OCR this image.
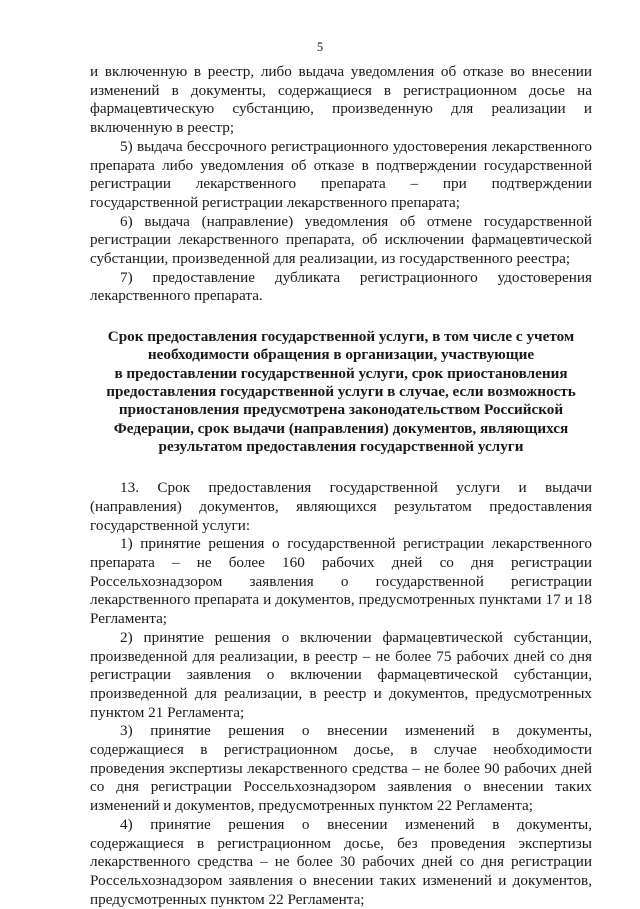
5

и включенную в реестр, либо выдача уведомления об отказе во внесении изменений в документы, содержащиеся в регистрационном досье на фармацевтическую субстанцию, произведенную для реализации и включенную в реестр;

5) выдача бессрочного регистрационного удостоверения лекарственного препарата либо уведомления об отказе в подтверждении государственной регистрации лекарственного препарата – при подтверждении государственной регистрации лекарственного препарата;

6) выдача (направление) уведомления об отмене государственной регистрации лекарственного препарата, об исключении фармацевтической субстанции, произведенной для реализации, из государственного реестра;

7) предоставление дубликата регистрационного удостоверения лекарственного препарата.

Срок предоставления государственной услуги, в том числе с учетом
необходимости обращения в организации, участвующие
в предоставлении государственной услуги, срок приостановления
предоставления государственной услуги в случае, если возможность
приостановления предусмотрена законодательством Российской
Федерации, срок выдачи (направления) документов, являющихся
результатом предоставления государственной услуги

13. Срок предоставления государственной услуги и выдачи (направления) документов, являющихся результатом предоставления государственной услуги:

1) принятие решения о государственной регистрации лекарственного препарата – не более 160 рабочих дней со дня регистрации Россельхознадзором заявления о государственной регистрации лекарственного препарата и документов, предусмотренных пунктами 17 и 18 Регламента;

2) принятие решения о включении фармацевтической субстанции, произведенной для реализации, в реестр – не более 75 рабочих дней со дня регистрации заявления о включении фармацевтической субстанции, произведенной для реализации, в реестр и документов, предусмотренных пунктом 21 Регламента;

3) принятие решения о внесении изменений в документы, содержащиеся в регистрационном досье, в случае необходимости проведения экспертизы лекарственного средства – не более 90 рабочих дней со дня регистрации Россельхознадзором заявления о внесении таких изменений и документов, предусмотренных пунктом 22 Регламента;

4) принятие решения о внесении изменений в документы, содержащиеся в регистрационном досье, без проведения экспертизы лекарственного средства – не более 30 рабочих дней со дня регистрации Россельхознадзором заявления о внесении таких изменений и документов, предусмотренных пунктом 22 Регламента;
